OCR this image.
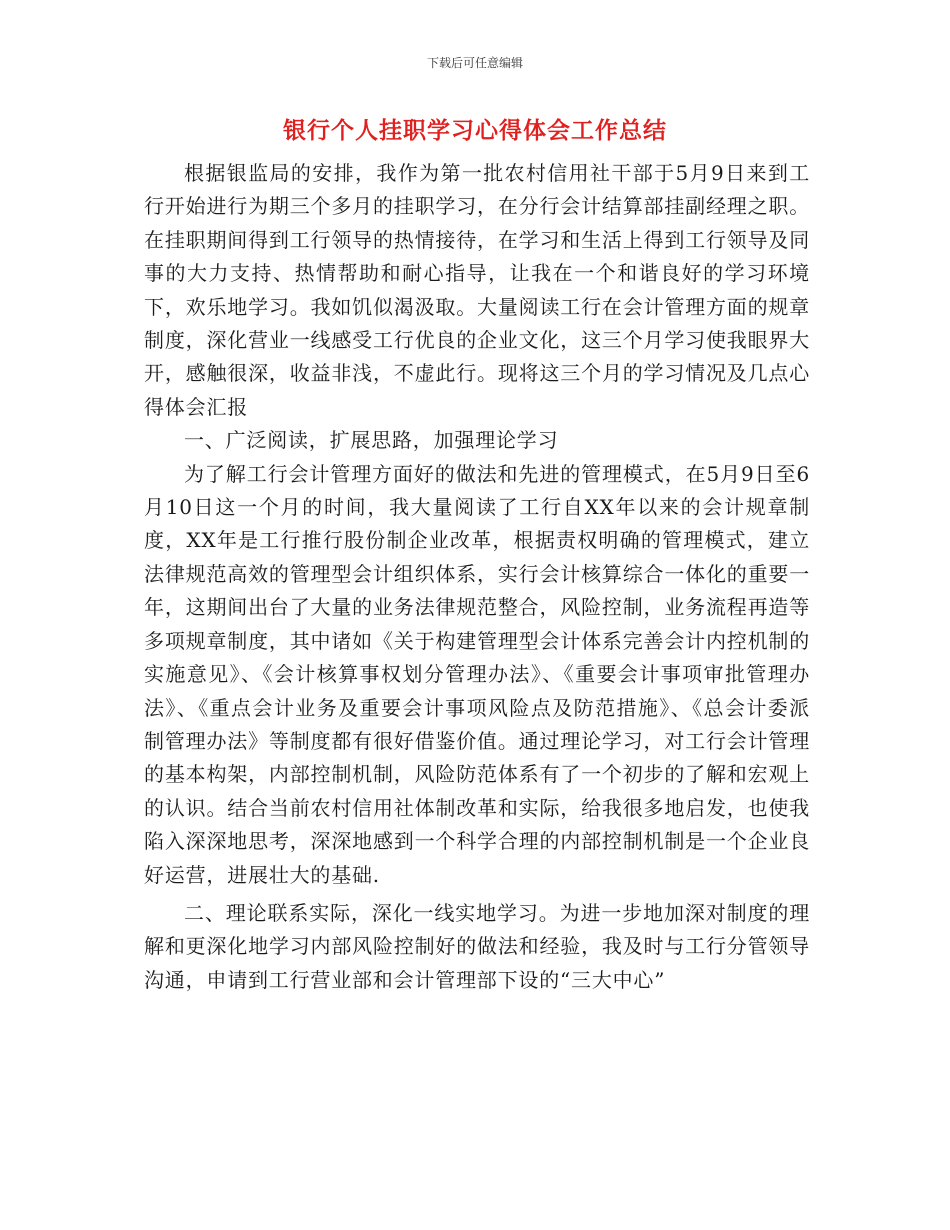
下载后可任意编辑
银行个人挂职学习心得体会工作总结

根据银监局的安排，我作为第一批农村信用社干部于5月9日来到工行开始进行为期三个多月的挂职学习，在分行会计结算部挂副经理之职。在挂职期间得到工行领导的热情接待，在学习和生活上得到工行领导及同事的大力支持、热情帮助和耐心指导，让我在一个和谐良好的学习环境下，欢乐地学习。我如饥似渴汲取。大量阅读工行在会计管理方面的规章制度，深化营业一线感受工行优良的企业文化，这三个月学习使我眼界大开，感触很深，收益非浅，不虚此行。现将这三个月的学习情况及几点心得体会汇报

一、广泛阅读，扩展思路，加强理论学习

为了解工行会计管理方面好的做法和先进的管理模式，在5月9日至6月10日这一个月的时间，我大量阅读了工行自XX年以来的会计规章制度，XX年是工行推行股份制企业改革，根据责权明确的管理模式，建立法律规范高效的管理型会计组织体系，实行会计核算综合一体化的重要一年，这期间出台了大量的业务法律规范整合，风险控制，业务流程再造等多项规章制度，其中诸如《关于构建管理型会计体系完善会计内控机制的实施意见》、《会计核算事权划分管理办法》、《重要会计事项审批管理办法》、《重点会计业务及重要会计事项风险点及防范措施》、《总会计委派制管理办法》等制度都有很好借鉴价值。通过理论学习，对工行会计管理的基本构架，内部控制机制，风险防范体系有了一个初步的了解和宏观上的认识。结合当前农村信用社体制改革和实际，给我很多地启发，也使我陷入深深地思考，深深地感到一个科学合理的内部控制机制是一个企业良好运营，进展壮大的基础.

二、理论联系实际，深化一线实地学习。为进一步地加深对制度的理解和更深化地学习内部风险控制好的做法和经验，我及时与工行分管领导沟通，申请到工行营业部和会计管理部下设的“三大中心”
